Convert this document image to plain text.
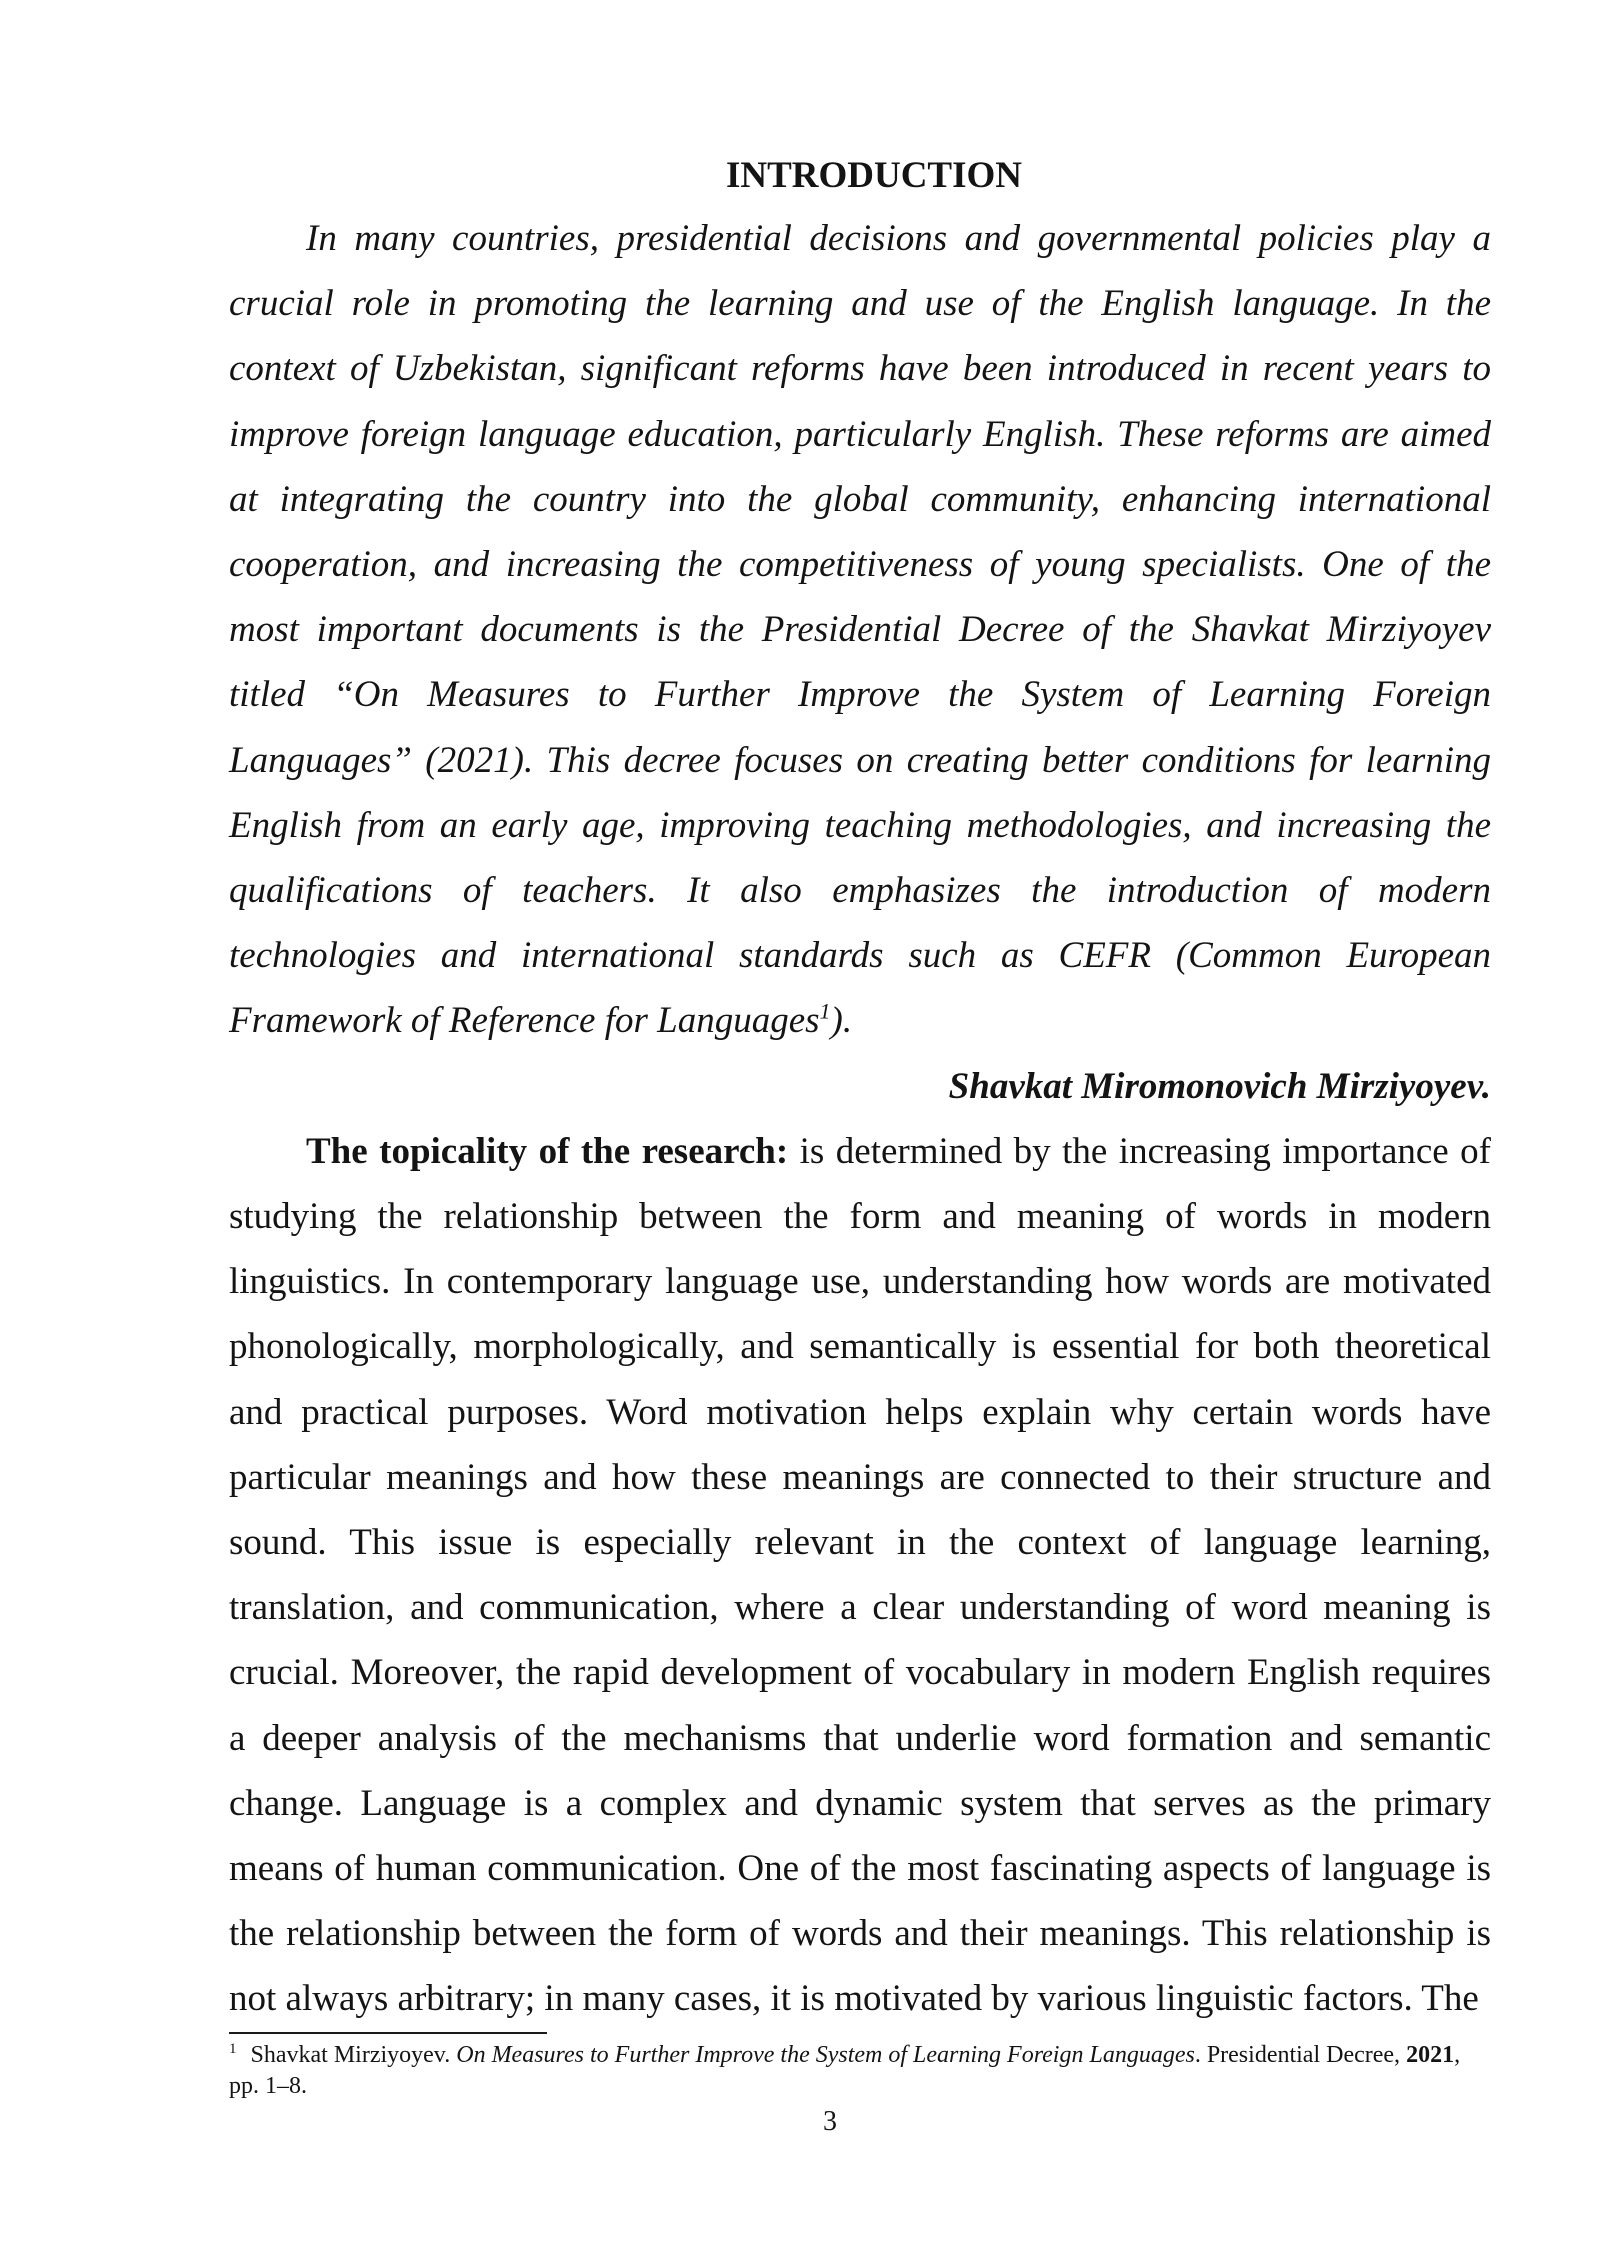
INTRODUCTION

In many countries, presidential decisions and governmental policies play a crucial role in promoting the learning and use of the English language. In the context of Uzbekistan, significant reforms have been introduced in recent years to improve foreign language education, particularly English. These reforms are aimed at integrating the country into the global community, enhancing international cooperation, and increasing the competitiveness of young specialists. One of the most important documents is the Presidential Decree of the Shavkat Mirziyoyev titled “On Measures to Further Improve the System of Learning Foreign Languages” (2021). This decree focuses on creating better conditions for learning English from an early age, improving teaching methodologies, and increasing the qualifications of teachers. It also emphasizes the introduction of modern technologies and international standards such as CEFR (Common European Framework of Reference for Languages$^1$).

Shavkat Miromonovich Mirziyoyev.

The topicality of the research: is determined by the increasing importance of studying the relationship between the form and meaning of words in modern linguistics. In contemporary language use, understanding how words are motivated phonologically, morphologically, and semantically is essential for both theoretical and practical purposes. Word motivation helps explain why certain words have particular meanings and how these meanings are connected to their structure and sound. This issue is especially relevant in the context of language learning, translation, and communication, where a clear understanding of word meaning is crucial. Moreover, the rapid development of vocabulary in modern English requires a deeper analysis of the mechanisms that underlie word formation and semantic change. Language is a complex and dynamic system that serves as the primary means of human communication. One of the most fascinating aspects of language is the relationship between the form of words and their meanings. This relationship is not always arbitrary; in many cases, it is motivated by various linguistic factors. The

$^1$ Shavkat Mirziyoyev. On Measures to Further Improve the System of Learning Foreign Languages. Presidential Decree, 2021, pp. 1–8.

3
